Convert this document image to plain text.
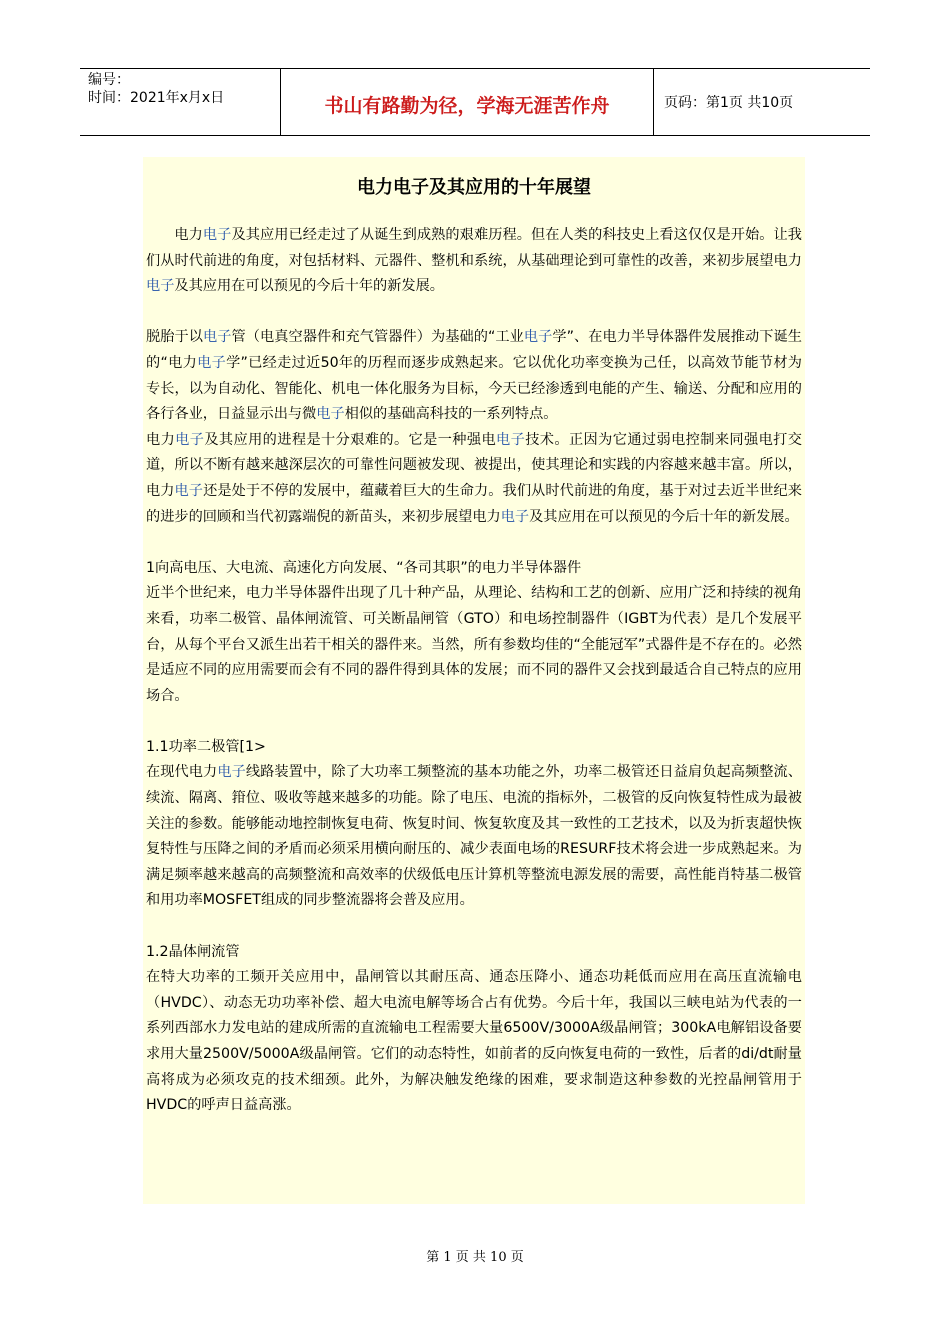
编号：
时间：2021年x月x日	书山有路勤为径，学海无涯苦作舟	页码：第1页 共10页
电力电子及其应用的十年展望

电力电子及其应用已经走过了从诞生到成熟的艰难历程。但在人类的科技史上看这仅仅是开始。让我们从时代前进的角度，对包括材料、元器件、整机和系统，从基础理论到可靠性的改善，来初步展望电力电子及其应用在可以预见的今后十年的新发展。

脱胎于以电子管（电真空器件和充气管器件）为基础的“工业电子学”、在电力半导体器件发展推动下诞生的“电力电子学”已经走过近50年的历程而逐步成熟起来。它以优化功率变换为己任，以高效节能节材为专长，以为自动化、智能化、机电一体化服务为目标，今天已经渗透到电能的产生、输送、分配和应用的各行各业，日益显示出与微电子相似的基础高科技的一系列特点。

电力电子及其应用的进程是十分艰难的。它是一种强电电子技术。正因为它通过弱电控制来同强电打交道，所以不断有越来越深层次的可靠性问题被发现、被提出，使其理论和实践的内容越来越丰富。所以，电力电子还是处于不停的发展中，蕴藏着巨大的生命力。我们从时代前进的角度，基于对过去近半世纪来的进步的回顾和当代初露端倪的新苗头，来初步展望电力电子及其应用在可以预见的今后十年的新发展。

1向高电压、大电流、高速化方向发展、“各司其职”的电力半导体器件

近半个世纪来，电力半导体器件出现了几十种产品，从理论、结构和工艺的创新、应用广泛和持续的视角来看，功率二极管、晶体闸流管、可关断晶闸管（GTO）和电场控制器件（IGBT为代表）是几个发展平台，从每个平台又派生出若干相关的器件来。当然，所有参数均佳的“全能冠军”式器件是不存在的。必然是适应不同的应用需要而会有不同的器件得到具体的发展；而不同的器件又会找到最适合自己特点的应用场合。

1.1功率二极管[1>

在现代电力电子线路装置中，除了大功率工频整流的基本功能之外，功率二极管还日益肩负起高频整流、续流、隔离、箝位、吸收等越来越多的功能。除了电压、电流的指标外，二极管的反向恢复特性成为最被关注的参数。能够能动地控制恢复电荷、恢复时间、恢复软度及其一致性的工艺技术，以及为折衷超快恢复特性与压降之间的矛盾而必须采用横向耐压的、减少表面电场的RESURF技术将会进一步成熟起来。为满足频率越来越高的高频整流和高效率的伏级低电压计算机等整流电源发展的需要，高性能肖特基二极管和用功率MOSFET组成的同步整流器将会普及应用。

1.2晶体闸流管

在特大功率的工频开关应用中，晶闸管以其耐压高、通态压降小、通态功耗低而应用在高压直流输电（HVDC）、动态无功功率补偿、超大电流电解等场合占有优势。今后十年，我国以三峡电站为代表的一系列西部水力发电站的建成所需的直流输电工程需要大量6500V/3000A级晶闸管；300kA电解铝设备要求用大量2500V/5000A级晶闸管。它们的动态特性，如前者的反向恢复电荷的一致性，后者的di/dt耐量高将成为必须攻克的技术细颈。此外，为解决触发绝缘的困难，要求制造这种参数的光控晶闸管用于HVDC的呼声日益高涨。

第 1 页 共 10 页
